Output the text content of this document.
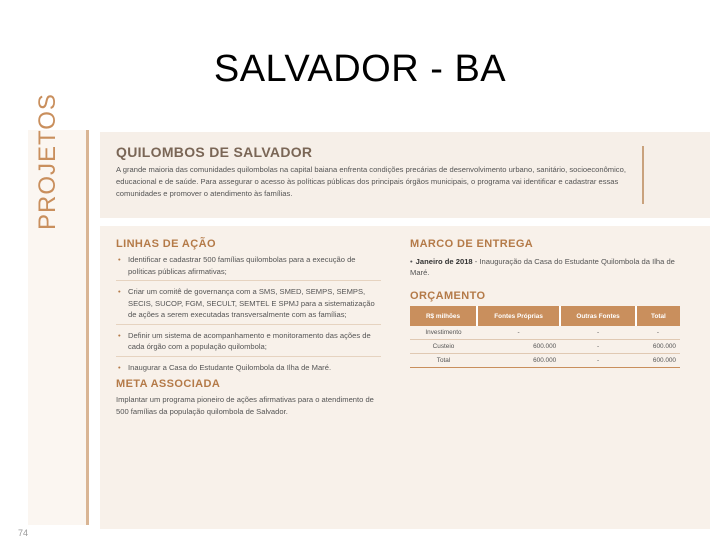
SALVADOR - BA
PROJETOS
74
QUILOMBOS DE SALVADOR
A grande maioria das comunidades quilombolas na capital baiana enfrenta condições precárias de desenvolvimento urbano, sanitário, socioeconômico, educacional e de saúde. Para assegurar o acesso às políticas públicas dos principais órgãos municipais, o programa vai identificar e cadastrar essas comunidades e promover o atendimento às famílias.
LINHAS DE AÇÃO
• Identificar e cadastrar 500 famílias quilombolas para a execução de políticas públicas afirmativas;
• Criar um comitê de governança com a SMS, SMED, SEMPS, SEMPS, SECIS, SUCOP, FGM, SECULT, SEMTEL E SPMJ para a sistematização de ações a serem executadas transversalmente com as famílias;
• Definir um sistema de acompanhamento e monitoramento das ações de cada órgão com a população quilombola;
• Inaugurar a Casa do Estudante Quilombola da Ilha de Maré.
META ASSOCIADA
Implantar um programa pioneiro de ações afirmativas para o atendimento de 500 famílias da população quilombola de Salvador.
MARCO DE ENTREGA
• Janeiro de 2018 - Inauguração da Casa do Estudante Quilombola da Ilha de Maré.
ORÇAMENTO
R$ milhões	Fontes Próprias	Outras Fontes	Total
Investimento	-	-	-
Custeio	600.000	-	600.000
Total	600.000	-	600.000
